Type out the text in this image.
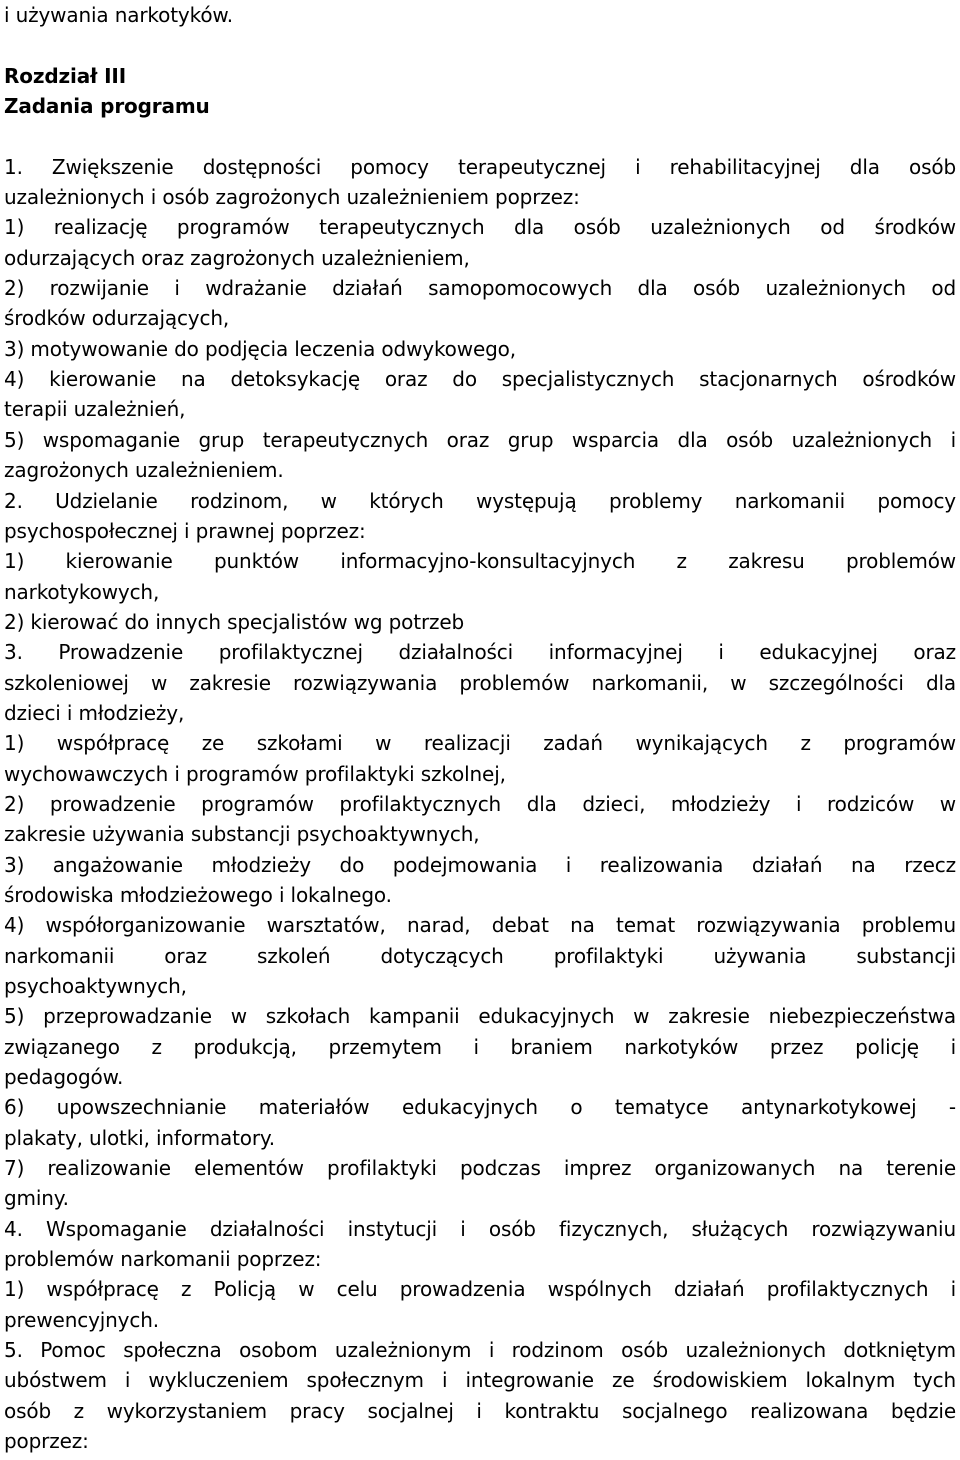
i używania narkotyków.
Rozdział III
Zadania programu
1. Zwiększenie dostępności pomocy terapeutycznej i rehabilitacyjnej dla osób
uzależnionych i osób zagrożonych uzależnieniem poprzez:
1) realizację programów terapeutycznych dla osób uzależnionych od środków
odurzających oraz zagrożonych uzależnieniem,
2) rozwijanie i wdrażanie działań samopomocowych dla osób uzależnionych od
środków odurzających,
3) motywowanie do podjęcia leczenia odwykowego,
4) kierowanie na detoksykację oraz do specjalistycznych stacjonarnych ośrodków
terapii uzależnień,
5) wspomaganie grup terapeutycznych oraz grup wsparcia dla osób uzależnionych i
zagrożonych uzależnieniem.
2. Udzielanie rodzinom, w których występują problemy narkomanii pomocy
psychospołecznej i prawnej poprzez:
1) kierowanie punktów informacyjno-konsultacyjnych z zakresu problemów
narkotykowych,
2) kierować do innych specjalistów wg potrzeb
3. Prowadzenie profilaktycznej działalności informacyjnej i edukacyjnej oraz
szkoleniowej w zakresie rozwiązywania problemów narkomanii, w szczególności dla
dzieci i młodzieży,
1) współpracę ze szkołami w realizacji zadań wynikających z programów
wychowawczych i programów profilaktyki szkolnej,
2) prowadzenie programów profilaktycznych dla dzieci, młodzieży i rodziców w
zakresie używania substancji psychoaktywnych,
3) angażowanie młodzieży do podejmowania i realizowania działań na rzecz
środowiska młodzieżowego i lokalnego.
4) współorganizowanie warsztatów, narad, debat na temat rozwiązywania problemu
narkomanii oraz szkoleń dotyczących profilaktyki używania substancji
psychoaktywnych,
5) przeprowadzanie w szkołach kampanii edukacyjnych w zakresie niebezpieczeństwa
związanego z produkcją, przemytem i braniem narkotyków przez policję i
pedagogów.
6) upowszechnianie materiałów edukacyjnych o tematyce antynarkotykowej -
plakaty, ulotki, informatory.
7) realizowanie elementów profilaktyki podczas imprez organizowanych na terenie
gminy.
4. Wspomaganie działalności instytucji i osób fizycznych, służących rozwiązywaniu
problemów narkomanii poprzez:
1) współpracę z Policją w celu prowadzenia wspólnych działań profilaktycznych i
prewencyjnych.
5. Pomoc społeczna osobom uzależnionym i rodzinom osób uzależnionych dotkniętym
ubóstwem i wykluczeniem społecznym i integrowanie ze środowiskiem lokalnym tych
osób z wykorzystaniem pracy socjalnej i kontraktu socjalnego realizowana będzie
poprzez:
